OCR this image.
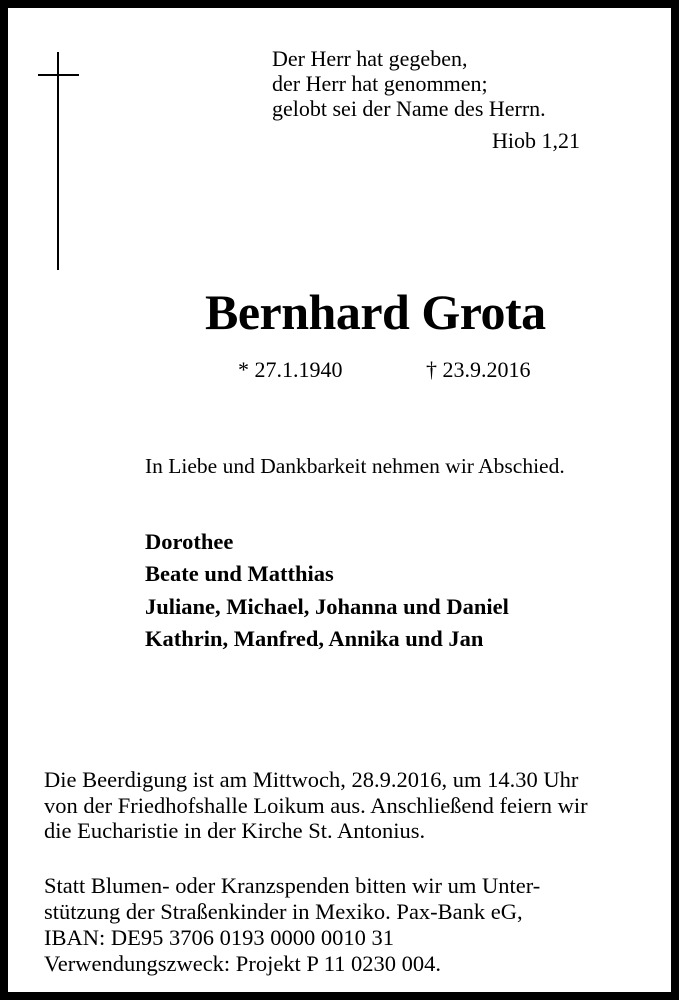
Der Herr hat gegeben,
der Herr hat genommen;
gelobt sei der Name des Herrn.
Hiob 1,21
Bernhard Grota
* 27.1.1940	† 23.9.2016
In Liebe und Dankbarkeit nehmen wir Abschied.
Dorothee
Beate und Matthias
Juliane, Michael, Johanna und Daniel
Kathrin, Manfred, Annika und Jan
Die Beerdigung ist am Mittwoch, 28.9.2016, um 14.30 Uhr
von der Friedhofshalle Loikum aus. Anschließend feiern wir
die Eucharistie in der Kirche St. Antonius.
Statt Blumen- oder Kranzspenden bitten wir um Unter-
stützung der Straßenkinder in Mexiko. Pax-Bank eG,
IBAN: DE95 3706 0193 0000 0010 31
Verwendungszweck: Projekt P 11 0230 004.
